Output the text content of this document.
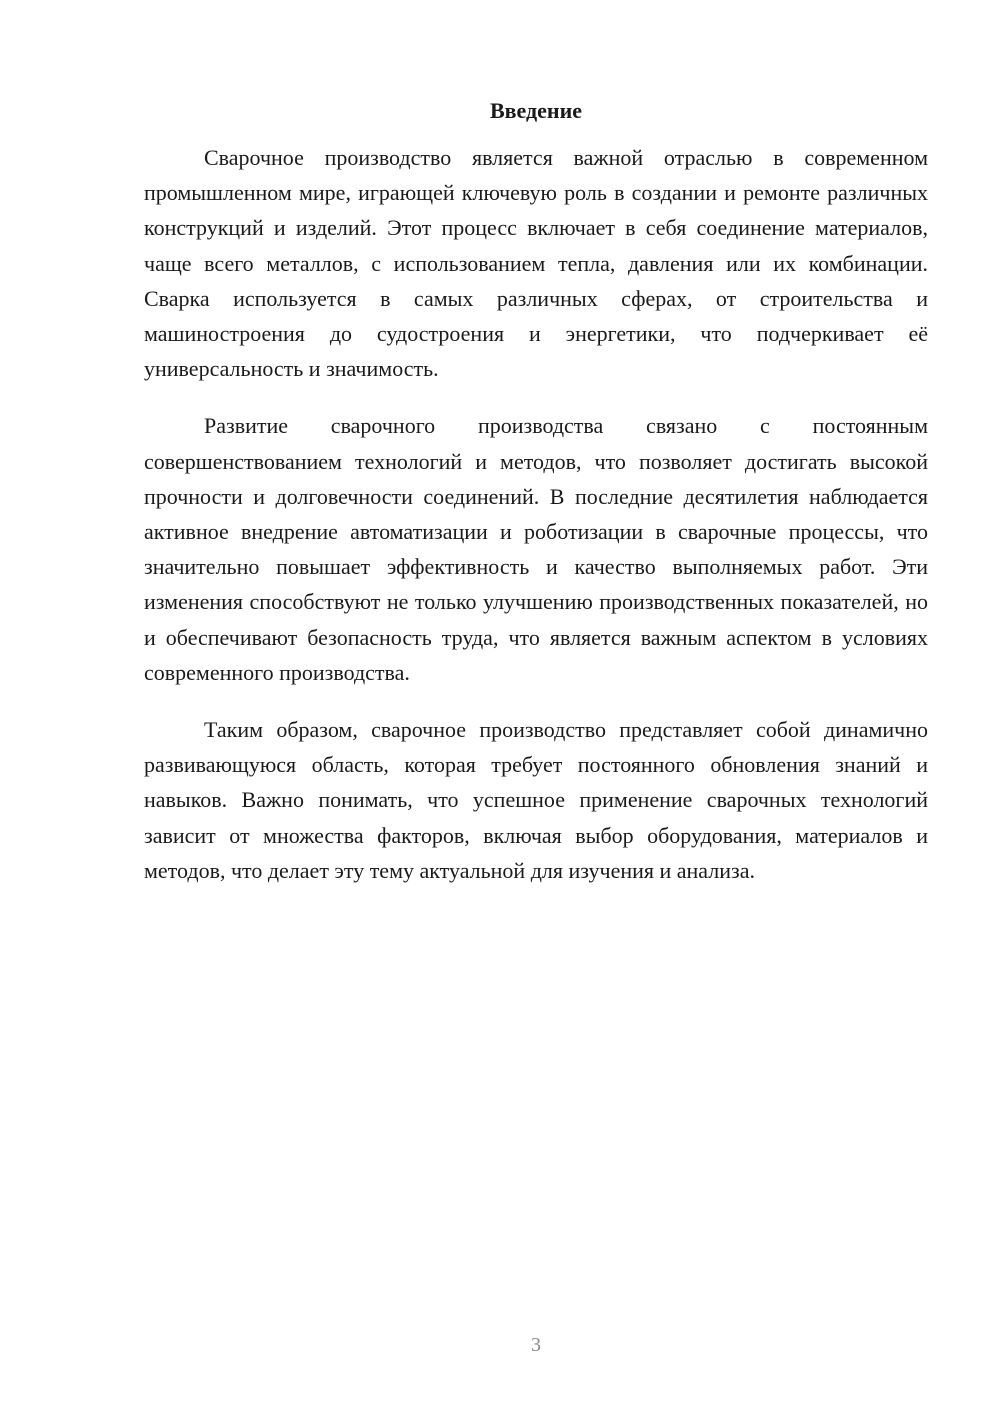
Введение

Сварочное производство является важной отраслью в современном промышленном мире, играющей ключевую роль в создании и ремонте различных конструкций и изделий. Этот процесс включает в себя соединение материалов, чаще всего металлов, с использованием тепла, давления или их комбинации. Сварка используется в самых различных сферах, от строительства и машиностроения до судостроения и энергетики, что подчеркивает её универсальность и значимость.

Развитие сварочного производства связано с постоянным совершенствованием технологий и методов, что позволяет достигать высокой прочности и долговечности соединений. В последние десятилетия наблюдается активное внедрение автоматизации и роботизации в сварочные процессы, что значительно повышает эффективность и качество выполняемых работ. Эти изменения способствуют не только улучшению производственных показателей, но и обеспечивают безопасность труда, что является важным аспектом в условиях современного производства.

Таким образом, сварочное производство представляет собой динамично развивающуюся область, которая требует постоянного обновления знаний и навыков. Важно понимать, что успешное применение сварочных технологий зависит от множества факторов, включая выбор оборудования, материалов и методов, что делает эту тему актуальной для изучения и анализа.

3
